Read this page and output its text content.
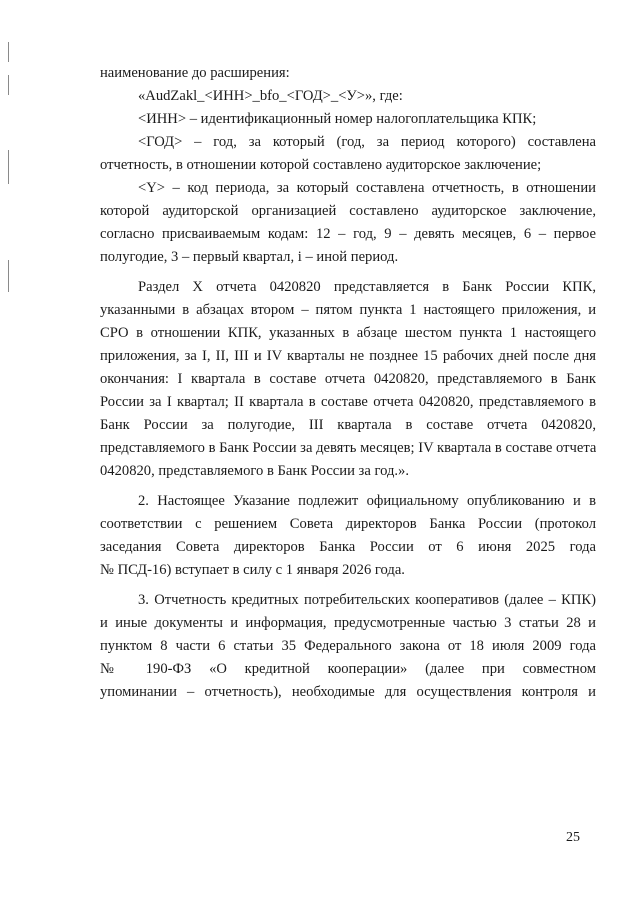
наименование до расширения:
«AudZakl_<ИНН>_bfo_<ГОД>_<У>», где:
<ИНН> – идентификационный номер налогоплательщика КПК;
<ГОД> – год, за который (год, за период которого) составлена
отчетность, в отношении которой составлено аудиторское заключение;
<Y> – код периода, за который составлена отчетность, в отношении
которой аудиторской организацией составлено аудиторское заключение,
согласно присваиваемым кодам: 12 – год, 9 – девять месяцев, 6 – первое
полугодие, 3 – первый квартал, i – иной период.
Раздел X отчета 0420820 представляется в Банк России КПК,
указанными в абзацах втором – пятом пункта 1 настоящего приложения, и
СРО в отношении КПК, указанных в абзаце шестом пункта 1 настоящего
приложения, за I, II, III и IV кварталы не позднее 15 рабочих дней после дня
окончания: I квартала в составе отчета 0420820, представляемого в Банк
России за I квартал; II квартала в составе отчета 0420820, представляемого в
Банк России за полугодие, III квартала в составе отчета 0420820,
представляемого в Банк России за девять месяцев; IV квартала в составе отчета
0420820, представляемого в Банк России за год.».
2. Настоящее Указание подлежит официальному опубликованию и в
соответствии с решением Совета директоров Банка России (протокол
заседания Совета директоров Банка России от 6 июня 2025 года
№ ПСД-16) вступает в силу с 1 января 2026 года.
3. Отчетность кредитных потребительских кооперативов (далее – КПК)
и иные документы и информация, предусмотренные частью 3 статьи 28 и
пунктом 8 части 6 статьи 35 Федерального закона от 18 июля 2009 года
№ 190-ФЗ «О кредитной кооперации» (далее при совместном
упоминании – отчетность), необходимые для осуществления контроля и
25
